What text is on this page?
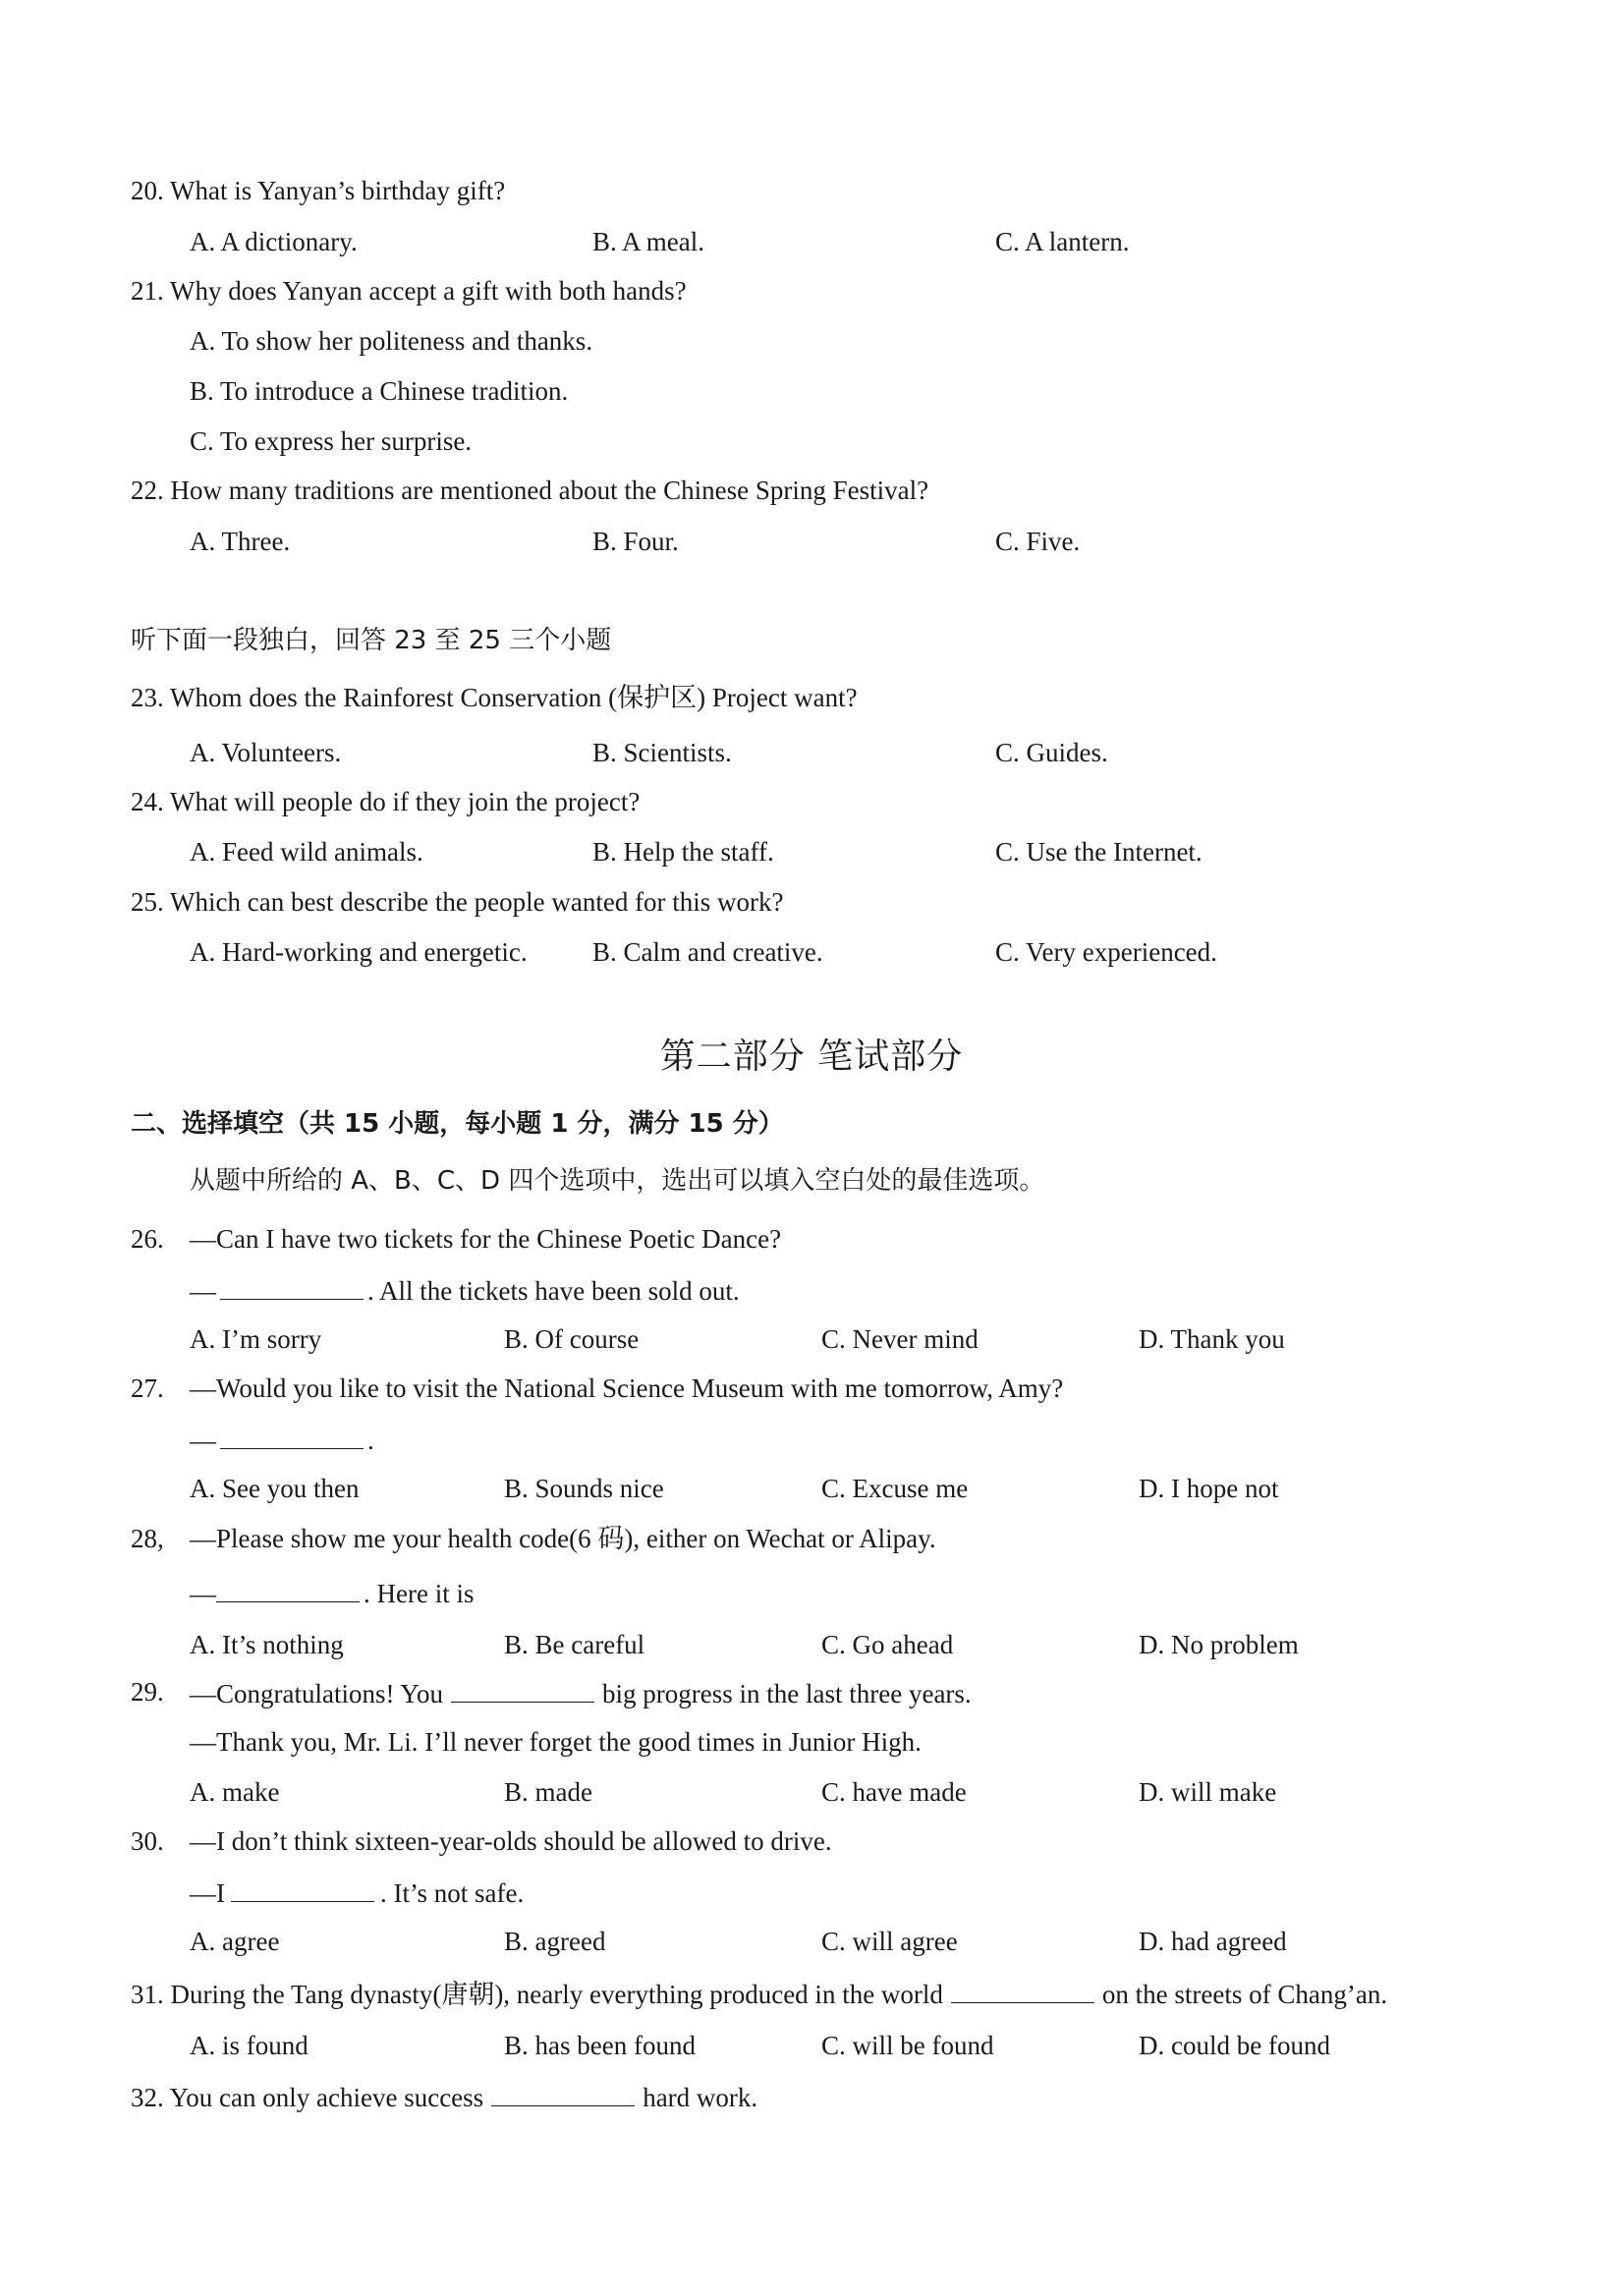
20. What is Yanyan’s birthday gift?
A. A dictionary.	B. A meal.	C. A lantern.
21. Why does Yanyan accept a gift with both hands?
A. To show her politeness and thanks.
B. To introduce a Chinese tradition.
C. To express her surprise.
22. How many traditions are mentioned about the Chinese Spring Festival?
A. Three.	B. Four.	C. Five.
听下面一段独白，回答 23 至 25 三个小题
23. Whom does the Rainforest Conservation (保护区) Project want?
A. Volunteers.	B. Scientists.	C. Guides.
24. What will people do if they join the project?
A. Feed wild animals.	B. Help the staff.	C. Use the Internet.
25. Which can best describe the people wanted for this work?
A. Hard-working and energetic. B. Calm and creative.	C. Very experienced.
第二部分 笔试部分
二、选择填空（共 15 小题，每小题 1 分，满分 15 分）
从题中所给的 A、B、C、D 四个选项中，选出可以填入空白处的最佳选项。
26. —Can I have two tickets for the Chinese Poetic Dance?
—	. All the tickets have been sold out.
A. I’m sorry	B. Of course	C. Never mind	D. Thank you
27. —Would you like to visit the National Science Museum with me tomorrow, Amy?
—	.
A. See you then	B. Sounds nice	C. Excuse me	D. I hope not
28, —Please show me your health code(6 码), either on Wechat or Alipay.
—	. Here it is
A. It’s nothing	B. Be careful	C. Go ahead	D. No problem
29. —Congratulations! You	big progress in the last three years.
—Thank you, Mr. Li. I’ll never forget the good times in Junior High.
A. make	B. made	C. have made	D. will make
30. —I don’t think sixteen-year-olds should be allowed to drive.
—I	. It’s not safe.
A. agree	B. agreed	C. will agree	D. had agreed
31. During the Tang dynasty(唐朝), nearly everything produced in the world	on the streets of Chang’an.
A. is found	B. has been found	C. will be found	D. could be found
32. You can only achieve success	hard work.
